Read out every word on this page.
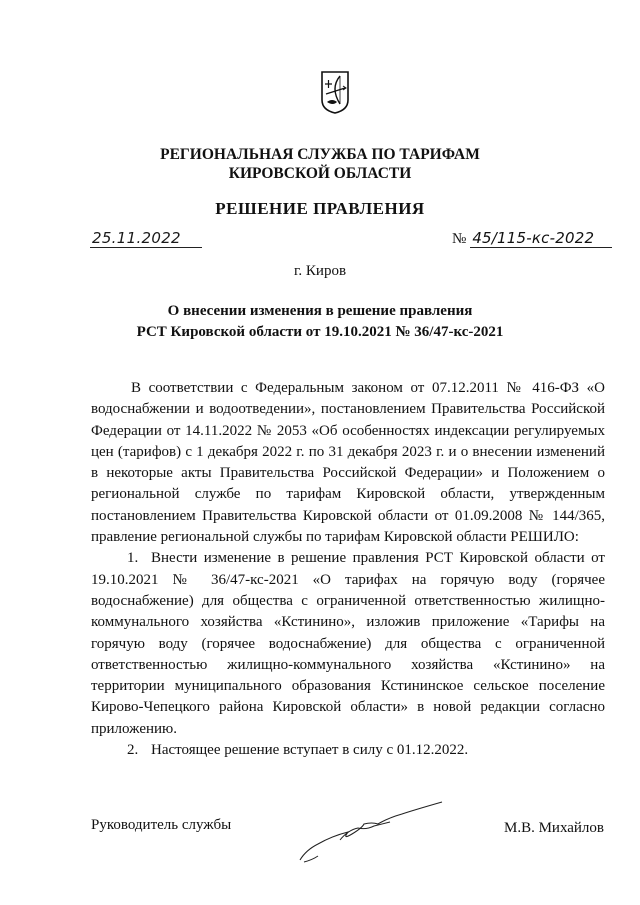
РЕГИОНАЛЬНАЯ СЛУЖБА ПО ТАРИФАМ
КИРОВСКОЙ ОБЛАСТИ
РЕШЕНИЕ ПРАВЛЕНИЯ
25.11.2022	№ 45/115-кс-2022
г. Киров
О внесении изменения в решение правления
РСТ Кировской области от 19.10.2021 № 36/47-кс-2021

В соответствии с Федеральным законом от 07.12.2011 № 416-ФЗ «О водоснабжении и водоотведении», постановлением Правительства Российской Федерации от 14.11.2022 № 2053 «Об особенностях индексации регулируемых цен (тарифов) с 1 декабря 2022 г. по 31 декабря 2023 г. и о внесении изменений в некоторые акты Правительства Российской Федерации» и Положением о региональной службе по тарифам Кировской области, утвержденным постановлением Правительства Кировской области от 01.09.2008 № 144/365, правление региональной службы по тарифам Кировской области РЕШИЛО:

1. Внести изменение в решение правления РСТ Кировской области от 19.10.2021 № 36/47-кс-2021 «О тарифах на горячую воду (горячее водоснабжение) для общества с ограниченной ответственностью жилищно-коммунального хозяйства «Кстинино», изложив приложение «Тарифы на горячую воду (горячее водоснабжение) для общества с ограниченной ответственностью жилищно-коммунального хозяйства «Кстинино» на территории муниципального образования Кстининское сельское поселение Кирово-Чепецкого района Кировской области» в новой редакции согласно приложению.

2. Настоящее решение вступает в силу с 01.12.2022.

Руководитель службы	М.В. Михайлов
